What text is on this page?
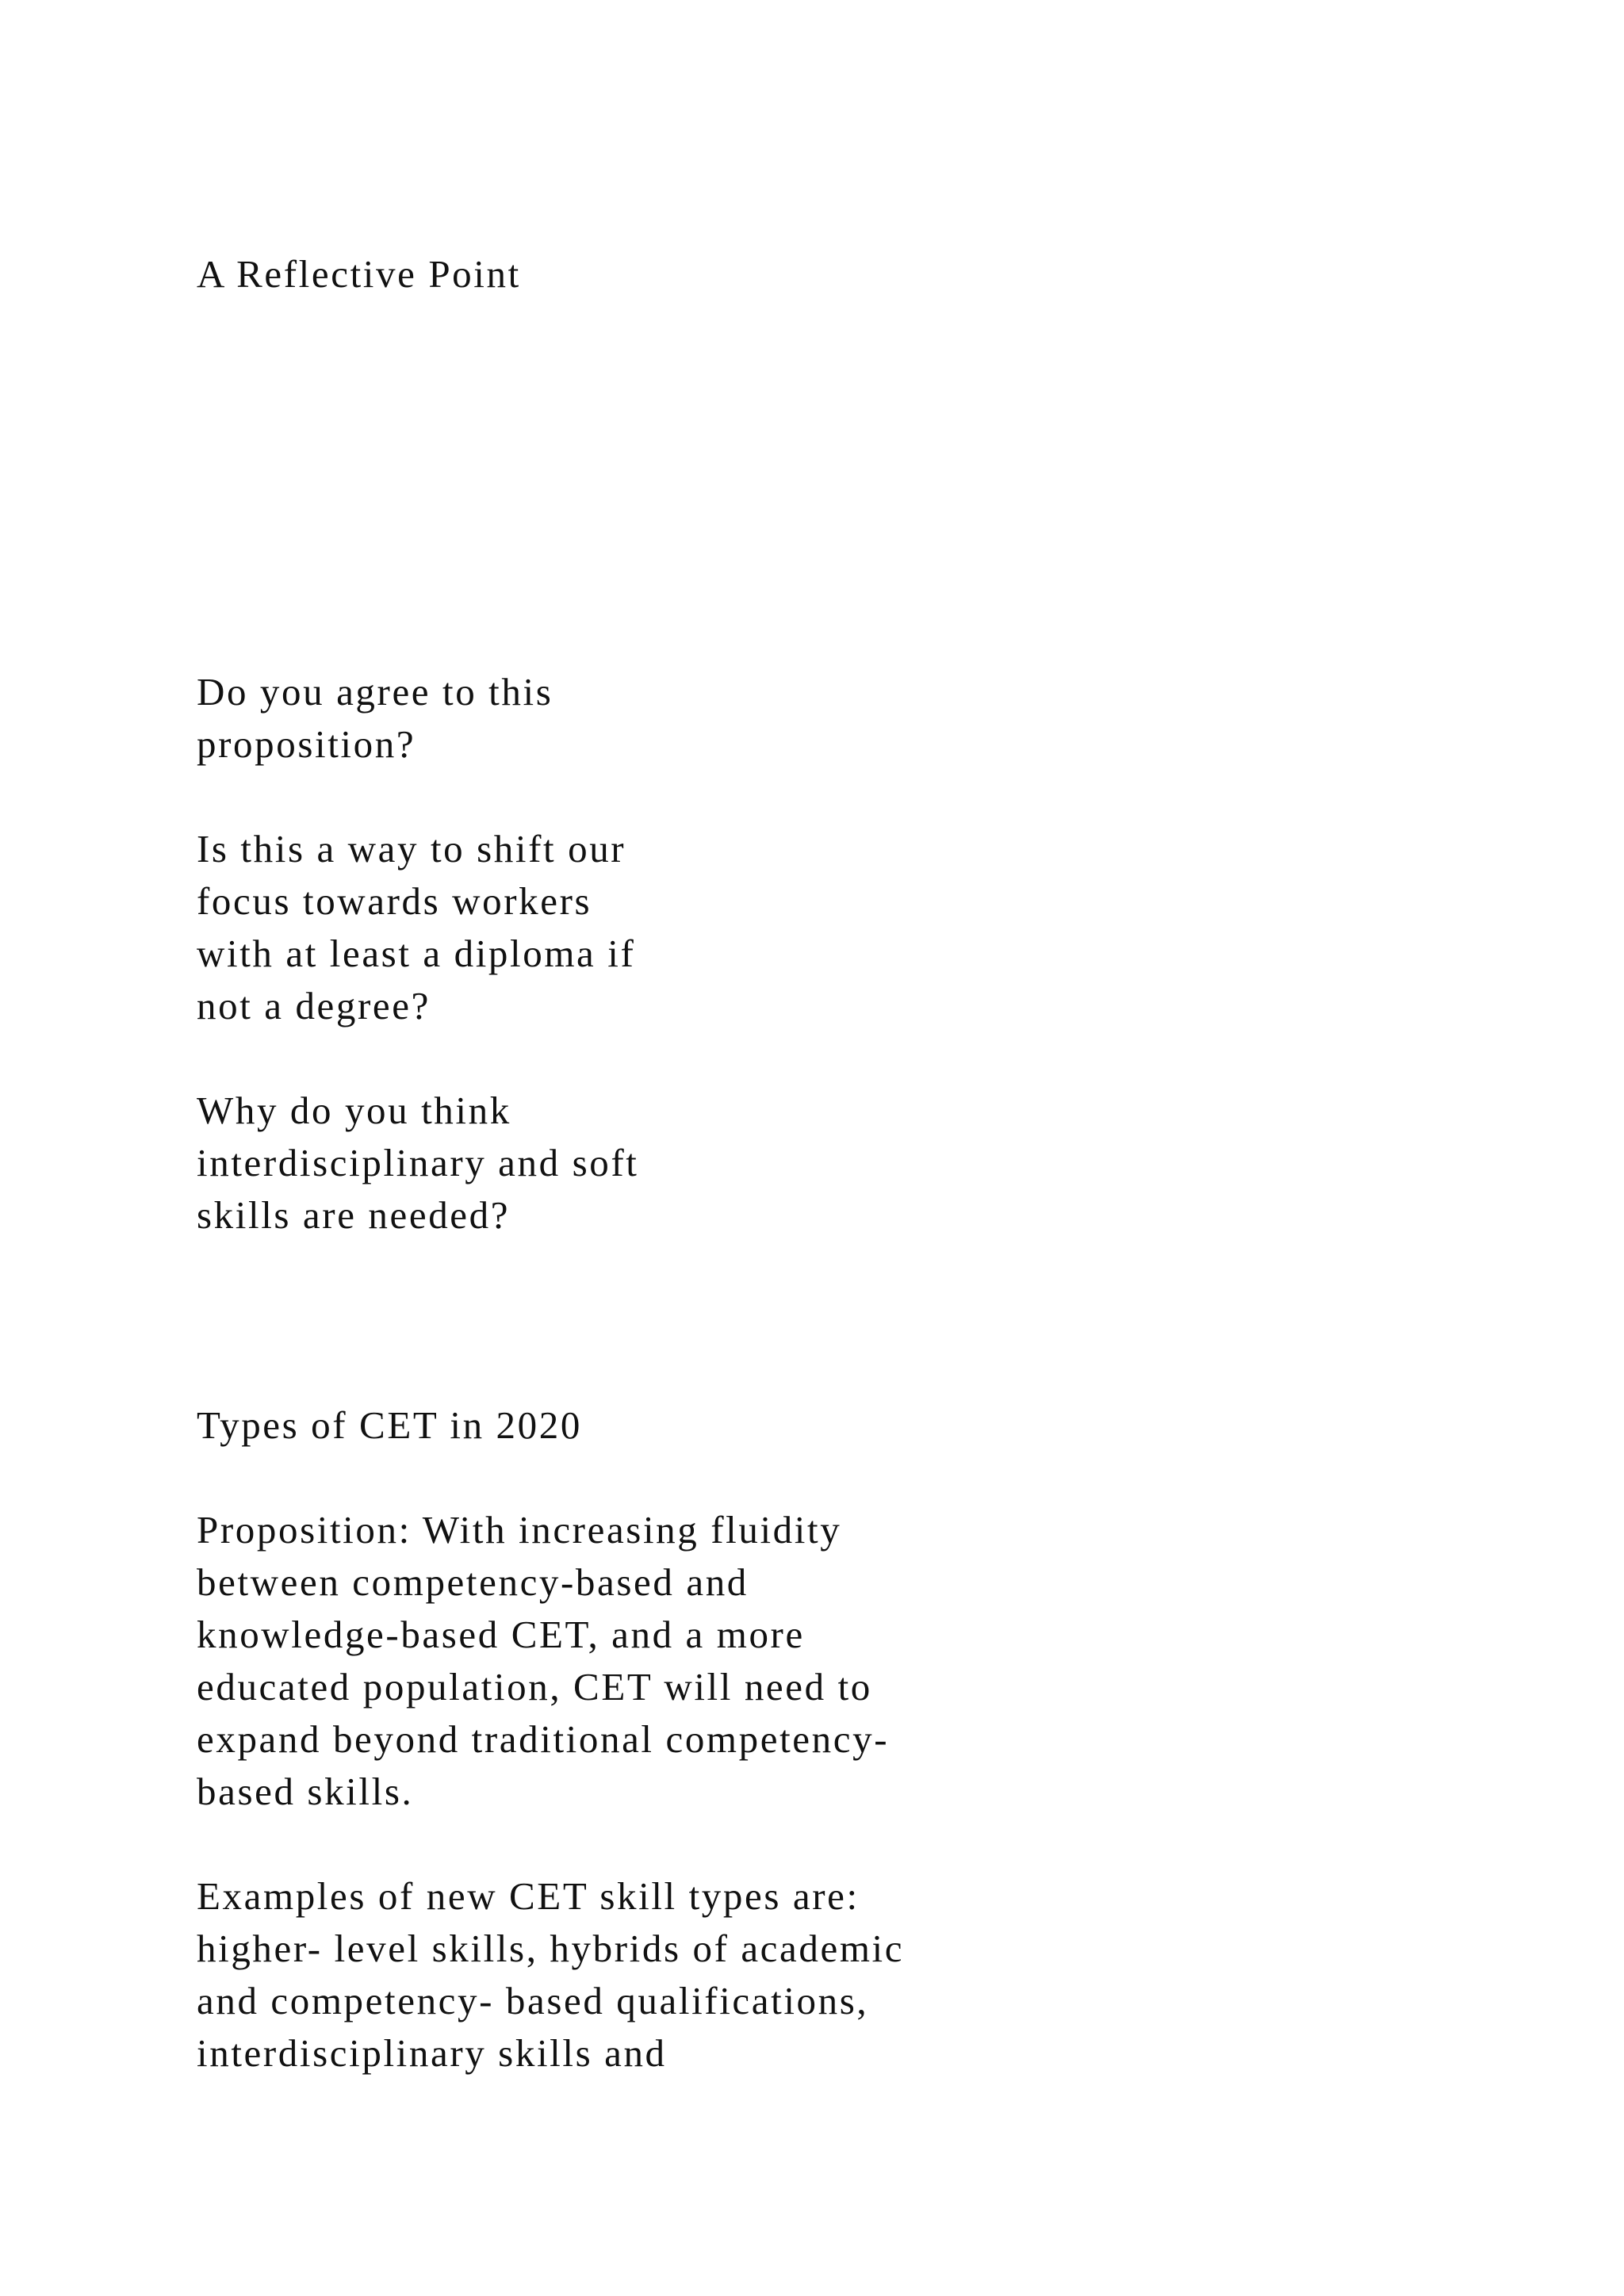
A Reflective Point

Do you agree to this

proposition?

Is this a way to shift our

focus towards workers

with at least a diploma if

not a degree?

Why do you think

interdisciplinary and soft

skills are needed?

Types of CET in 2020

Proposition: With increasing fluidity

between competency-based and

knowledge-based CET, and a more

educated population, CET will need to

expand beyond traditional competency-

based skills.

Examples of new CET skill types are:

higher- level skills, hybrids of academic

and competency- based qualifications,

interdisciplinary skills and
